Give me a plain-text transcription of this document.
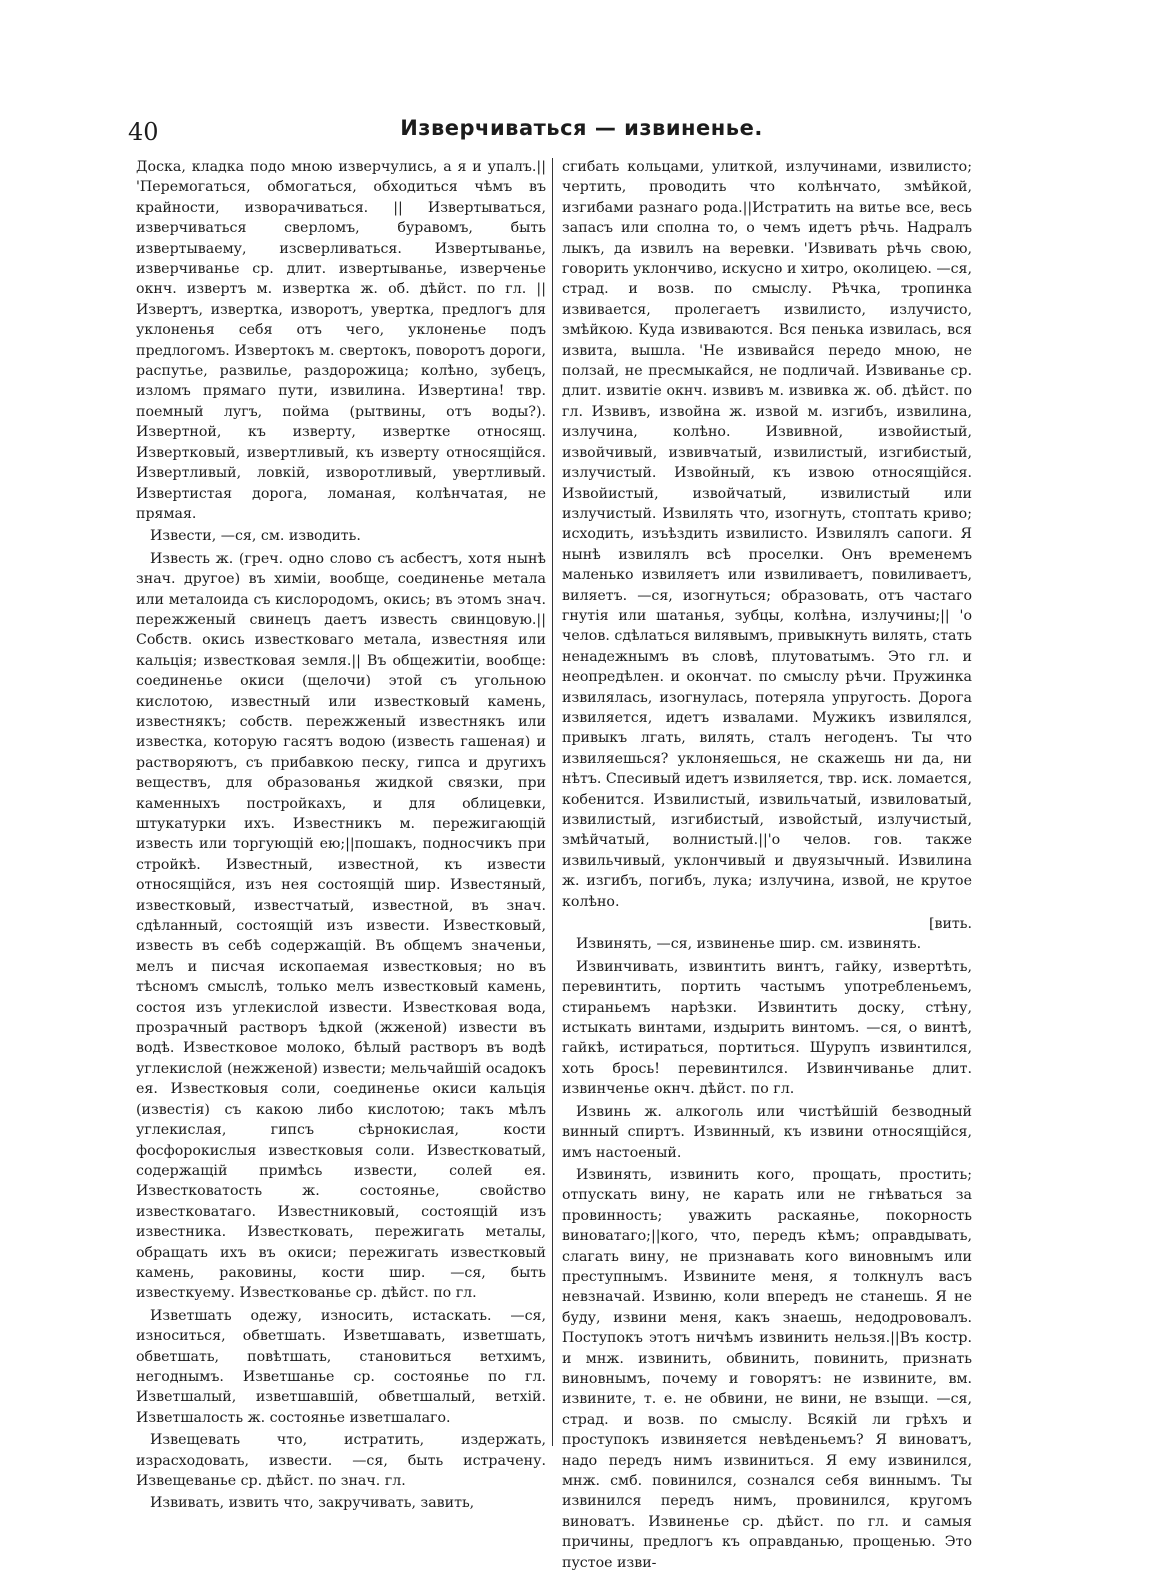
40	Изверчиваться — извиненье.

Доска, кладка подо мною изверчулись, а я и упалъ.|| 'Перемогаться, обмогаться, обходиться чѣмъ въ крайности, изворачиваться. || Извертываться, изверчиваться сверломъ, буравомъ, быть извертываему, изсверливаться. Извертыванье, изверчиванье ср. длит. извертыванье, изверченье окнч. извертъ м. извертка ж. об. дѣйст. по гл. || Извертъ, извертка, изворотъ, увертка, предлогъ для уклоненья себя отъ чего, уклоненье подъ предлогомъ. Извертокъ м. свертокъ, поворотъ дороги, распутье, развилье, раздорожица; колѣно, зубецъ, изломъ прямаго пути, извилина. Извертина! твр. поемный лугъ, пойма (рытвины, отъ воды?). Извертной, къ изверту, извертке относящ. Извертковый, извертливый, къ изверту относящійся. Извертливый, ловкій, изворотливый, увертливый. Извертистая дорога, ломаная, колѣнчатая, не прямая.

Извести, —ся, см. изводить.

Известь ж. (греч. одно слово съ асбестъ, хотя нынѣ знач. другое) въ химіи, вообще, соединенье метала или металоида съ кислородомъ, окись; въ этомъ знач. пережженый свинецъ даетъ известь свинцовую.||Собств. окись известковаго метала, известняя или кальція; известковая земля.|| Въ общежитіи, вообще: соединенье окиси (щелочи) этой съ угольною кислотою, известный или известковый камень, известнякъ; собств. пережженый известнякъ или известка, которую гасятъ водою (известь гашеная) и растворяютъ, съ прибавкою песку, гипса и другихъ веществъ, для образованья жидкой связки, при каменныхъ постройкахъ, и для облицевки, штукатурки ихъ. Известникъ м. пережигающій известь или торгующій ею;||пошакъ, подносчикъ при стройкѣ. Известный, известной, къ извести относящійся, изъ нея состоящій шир. Известяный, известковый, известчатый, известной, въ знач. сдѣланный, состоящій изъ извести. Известковый, известь въ себѣ содержащій. Въ общемъ значеньи, мелъ и писчая ископаемая известковыя; но въ тѣсномъ смыслѣ, только мелъ известковый камень, состоя изъ углекислой извести. Известковая вода, прозрачный растворъ ѣдкой (жженой) извести въ водѣ. Известковое молоко, бѣлый растворъ въ водѣ углекислой (нежженой) извести; мельчайшій осадокъ ея. Известковыя соли, соединенье окиси кальція (известія) съ какою либо кислотою; такъ мѣлъ углекислая, гипсъ сѣрнокислая, кости фосфорокислыя известковыя соли. Известковатый, содержащій примѣсь извести, солей ея. Известковатость ж. состоянье, свойство известковатаго. Известниковый, состоящій изъ известника. Известковать, пережигать металы, обращать ихъ въ окиси; пережигать известковый камень, раковины, кости шир. —ся, быть известкуему. Известкованье ср. дѣйст. по гл.

Изветшать одежу, износить, истаскать. —ся, износиться, обветшать. Изветшавать, изветшать, обветшать, повѣтшать, становиться ветхимъ, негоднымъ. Изветшанье ср. состоянье по гл. Изветшалый, изветшавшій, обветшалый, ветхій. Изветшалость ж. состоянье изветшалаго.

Извещевать что, истратить, издержать, израсходовать, извести. —ся, быть истрачену. Извещеванье ср. дѣйст. по знач. гл.

Извивать, извить что, закручивать, завить,

сгибать кольцами, улиткой, излучинами, извилисто; чертить, проводить что колѣнчато, змѣйкой, изгибами разнаго рода.||Истратить на витье все, весь запасъ или сполна то, о чемъ идетъ рѣчь. Надралъ лыкъ, да извилъ на веревки. 'Извивать рѣчь свою, говорить уклончиво, искусно и хитро, околицею. —ся, страд. и возв. по смыслу. Рѣчка, тропинка извивается, пролегаетъ извилисто, излучисто, змѣйкою. Куда извиваются. Вся пенька извилась, вся извита, вышла. 'Не извивайся передо мною, не ползай, не пресмыкайся, не подличай. Извиванье ср. длит. извитіе окнч. извивъ м. извивка ж. об. дѣйст. по гл. Извивъ, извойна ж. извой м. изгибъ, извилина, излучина, колѣно. Извивной, извойистый, извойчивый, извивчатый, извилистый, изгибистый, излучистый. Извойный, къ извою относящійся. Извойистый, извойчатый, извилистый или излучистый. Извилять что, изогнуть, стоптать криво; исходить, изъѣздить извилисто. Извилялъ сапоги. Я нынѣ извилялъ всѣ проселки. Онъ временемъ маленько извиляетъ или извиливаетъ, повиливаетъ, виляетъ. —ся, изогнуться; образовать, отъ частаго гнутія или шатанья, зубцы, колѣна, излучины;|| 'о челов. сдѣлаться вилявымъ, привыкнуть вилять, стать ненадежнымъ въ словѣ, плутоватымъ. Это гл. и неопредѣлен. и окончат. по смыслу рѣчи. Пружинка извилялась, изогнулась, потеряла упругость. Дорога извиляется, идетъ извалами. Мужикъ извилялся, привыкъ лгать, вилять, сталъ негоденъ. Ты что извиляешься? уклоняешься, не скажешь ни да, ни нѣтъ. Спесивый идетъ извиляется, твр. иск. ломается, кобенится. Извилистый, извильчатый, извиловатый, извилистый, изгибистый, извойстый, излучистый, змѣйчатый, волнистый.||'о челов. гов. также извильчивый, уклончивый и двуязычный. Извилина ж. изгибъ, погибъ, лука; излучина, извой, не крутое колѣно.

[вить.

Извинять, —ся, извиненье шир. см. извинять.

Извинчивать, извинтить винтъ, гайку, извертѣть, перевинтить, портить частымъ употребленьемъ, стираньемъ нарѣзки. Извинтить доску, стѣну, истыкать винтами, издырить винтомъ. —ся, о винтѣ, гайкѣ, истираться, портиться. Шурупъ извинтился, хоть брось! перевинтился. Извинчиванье длит. извинченье окнч. дѣйст. по гл.

Извинь ж. алкоголь или чистѣйшій безводный винный спиртъ. Извинный, къ извини относящійся, имъ настоеный.

Извинять, извинить кого, прощать, простить; отпускать вину, не карать или не гнѣваться за провинность; уважить раскаянье, покорность виноватаго;||кого, что, передъ кѣмъ; оправдывать, слагать вину, не признавать кого виновнымъ или преступнымъ. Извините меня, я толкнулъ васъ невзначай. Извиню, коли впередъ не станешь. Я не буду, извини меня, какъ знаешь, недодрововалъ. Поступокъ этотъ ничѣмъ извинить нельзя.||Въ костр. и мнж. извинить, обвинить, повинить, признать виновнымъ, почему и говорятъ: не извините, вм. извините, т. е. не обвини, не вини, не взыщи. —ся, страд. и возв. по смыслу. Всякій ли грѣхъ и проступокъ извиняется невѣденьемъ? Я виноватъ, надо передъ нимъ извиниться. Я ему извинился, мнж. смб. повинился, сознался себя виннымъ. Ты извинился передъ нимъ, провинился, кругомъ виноватъ. Извиненье ср. дѣйст. по гл. и самыя причины, предлогъ къ оправданью, прощенью. Это пустое изви-
